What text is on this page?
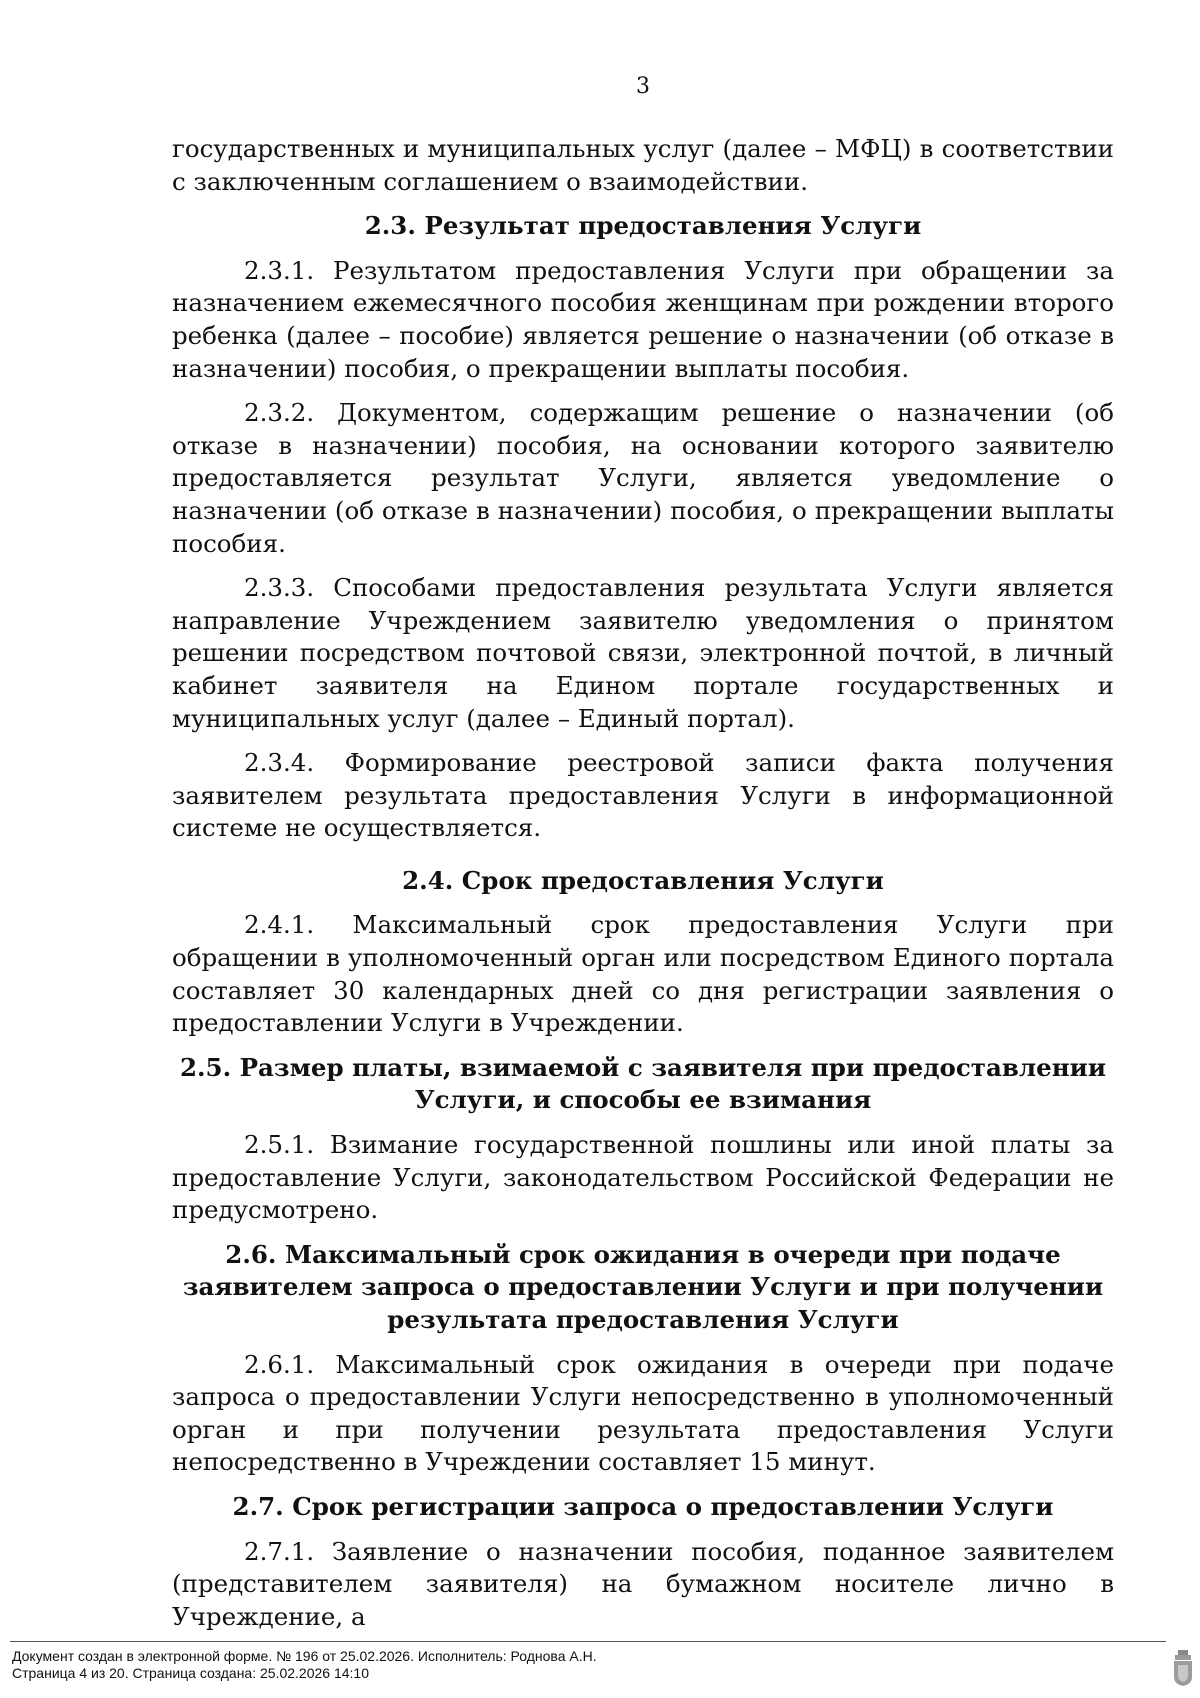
3

государственных и муниципальных услуг (далее – МФЦ) в соответствии с заключенным соглашением о взаимодействии.

2.3. Результат предоставления Услуги

2.3.1. Результатом предоставления Услуги при обращении за назначением ежемесячного пособия женщинам при рождении второго ребенка (далее – пособие) является решение о назначении (об отказе в назначении) пособия, о прекращении выплаты пособия.

2.3.2. Документом, содержащим решение о назначении (об отказе в назначении) пособия, на основании которого заявителю предоставляется результат Услуги, является уведомление о назначении (об отказе в назначении) пособия, о прекращении выплаты пособия.

2.3.3. Способами предоставления результата Услуги является направление Учреждением заявителю уведомления о принятом решении посредством почтовой связи, электронной почтой, в личный кабинет заявителя на Едином портале государственных и муниципальных услуг (далее – Единый портал).

2.3.4. Формирование реестровой записи факта получения заявителем результата предоставления Услуги в информационной системе не осуществляется.

2.4. Срок предоставления Услуги

2.4.1. Максимальный срок предоставления Услуги при обращении в уполномоченный орган или посредством Единого портала составляет 30 календарных дней со дня регистрации заявления о предоставлении Услуги в Учреждении.

2.5. Размер платы, взимаемой с заявителя при предоставлении Услуги, и способы ее взимания

2.5.1. Взимание государственной пошлины или иной платы за предоставление Услуги, законодательством Российской Федерации не предусмотрено.

2.6. Максимальный срок ожидания в очереди при подаче заявителем запроса о предоставлении Услуги и при получении результата предоставления Услуги

2.6.1. Максимальный срок ожидания в очереди при подаче запроса о предоставлении Услуги непосредственно в уполномоченный орган и при получении результата предоставления Услуги непосредственно в Учреждении составляет 15 минут.

2.7. Срок регистрации запроса о предоставлении Услуги

2.7.1. Заявление о назначении пособия, поданное заявителем (представителем заявителя) на бумажном носителе лично в Учреждение, а

Документ создан в электронной форме. № 196 от 25.02.2026. Исполнитель: Роднова А.Н.
Страница 4 из 20. Страница создана: 25.02.2026 14:10
